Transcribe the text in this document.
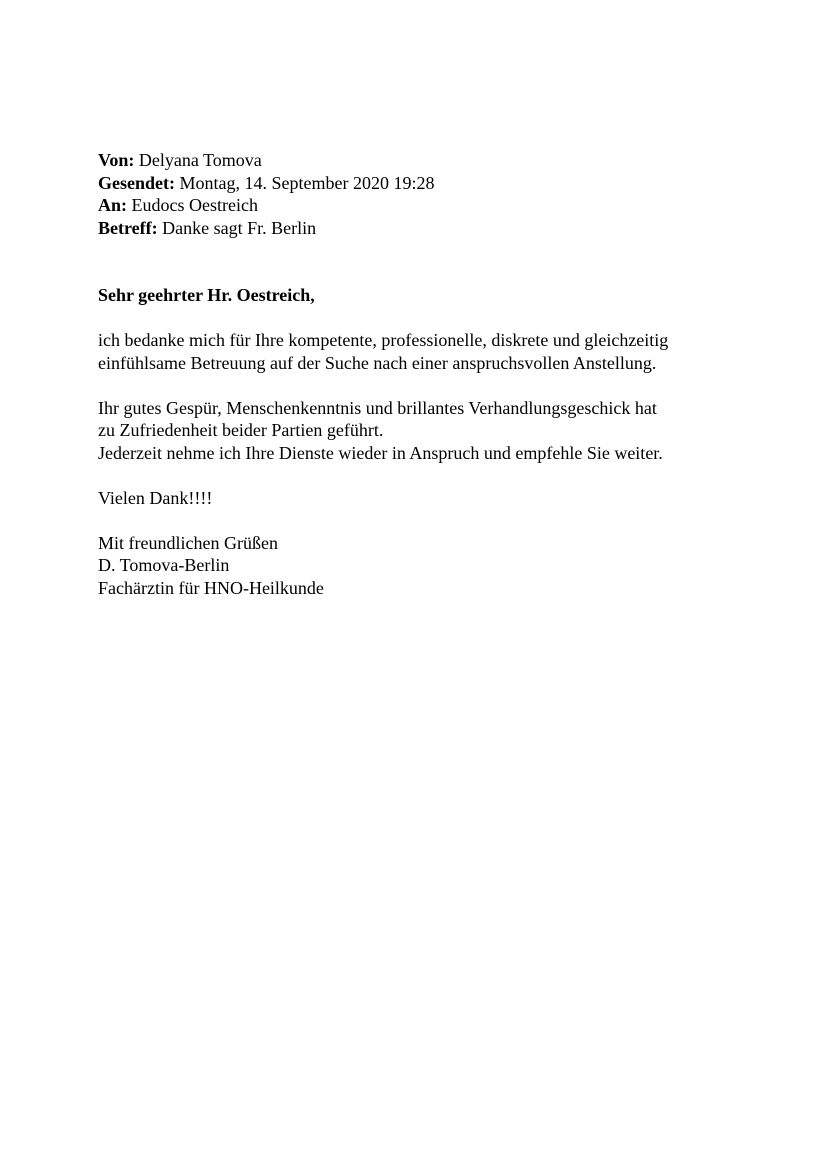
Von: Delyana Tomova
Gesendet: Montag, 14. September 2020 19:28
An: Eudocs Oestreich
Betreff: Danke sagt Fr. Berlin
Sehr geehrter Hr. Oestreich,
ich bedanke mich für Ihre kompetente, professionelle, diskrete und gleichzeitig
einfühlsame Betreuung auf der Suche nach einer anspruchsvollen Anstellung.
Ihr gutes Gespür, Menschenkenntnis und brillantes Verhandlungsgeschick hat
zu Zufriedenheit beider Partien geführt.
Jederzeit nehme ich Ihre Dienste wieder in Anspruch und empfehle Sie weiter.
Vielen Dank!!!!
Mit freundlichen Grüßen
D. Tomova-Berlin
Fachärztin für HNO-Heilkunde
